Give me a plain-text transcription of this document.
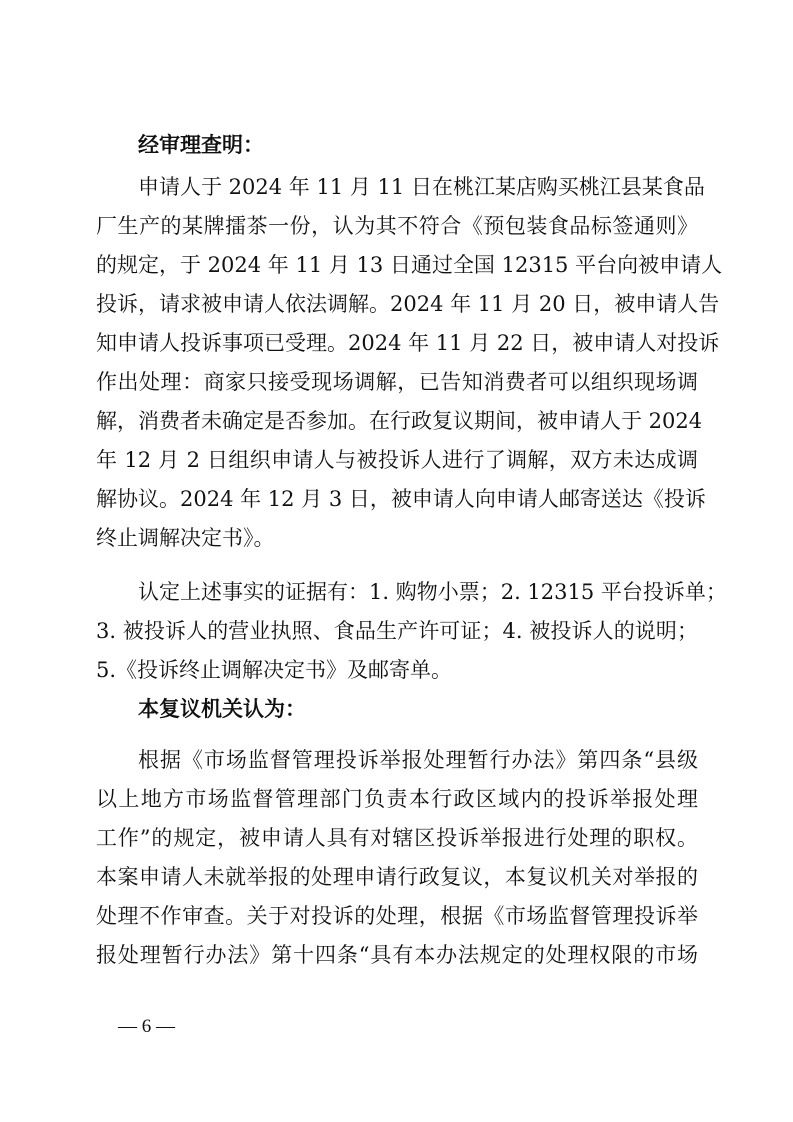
经审理查明：
申请人于 2024 年 11 月 11 日在桃江某店购买桃江县某食品
厂生产的某牌擂茶一份，认为其不符合《预包装食品标签通则》
的规定，于 2024 年 11 月 13 日通过全国 12315 平台向被申请人
投诉，请求被申请人依法调解。2024 年 11 月 20 日，被申请人告
知申请人投诉事项已受理。2024 年 11 月 22 日，被申请人对投诉
作出处理：商家只接受现场调解，已告知消费者可以组织现场调
解，消费者未确定是否参加。在行政复议期间，被申请人于 2024
年 12 月 2 日组织申请人与被投诉人进行了调解，双方未达成调
解协议。2024 年 12 月 3 日，被申请人向申请人邮寄送达《投诉
终止调解决定书》。
认定上述事实的证据有：1. 购物小票；2. 12315 平台投诉单；
3. 被投诉人的营业执照、食品生产许可证；4. 被投诉人的说明；
5.《投诉终止调解决定书》及邮寄单。
本复议机关认为：
根据《市场监督管理投诉举报处理暂行办法》第四条“县级
以上地方市场监督管理部门负责本行政区域内的投诉举报处理
工作”的规定，被申请人具有对辖区投诉举报进行处理的职权。
本案申请人未就举报的处理申请行政复议，本复议机关对举报的
处理不作审查。关于对投诉的处理，根据《市场监督管理投诉举
报处理暂行办法》第十四条“具有本办法规定的处理权限的市场
— 6 —
